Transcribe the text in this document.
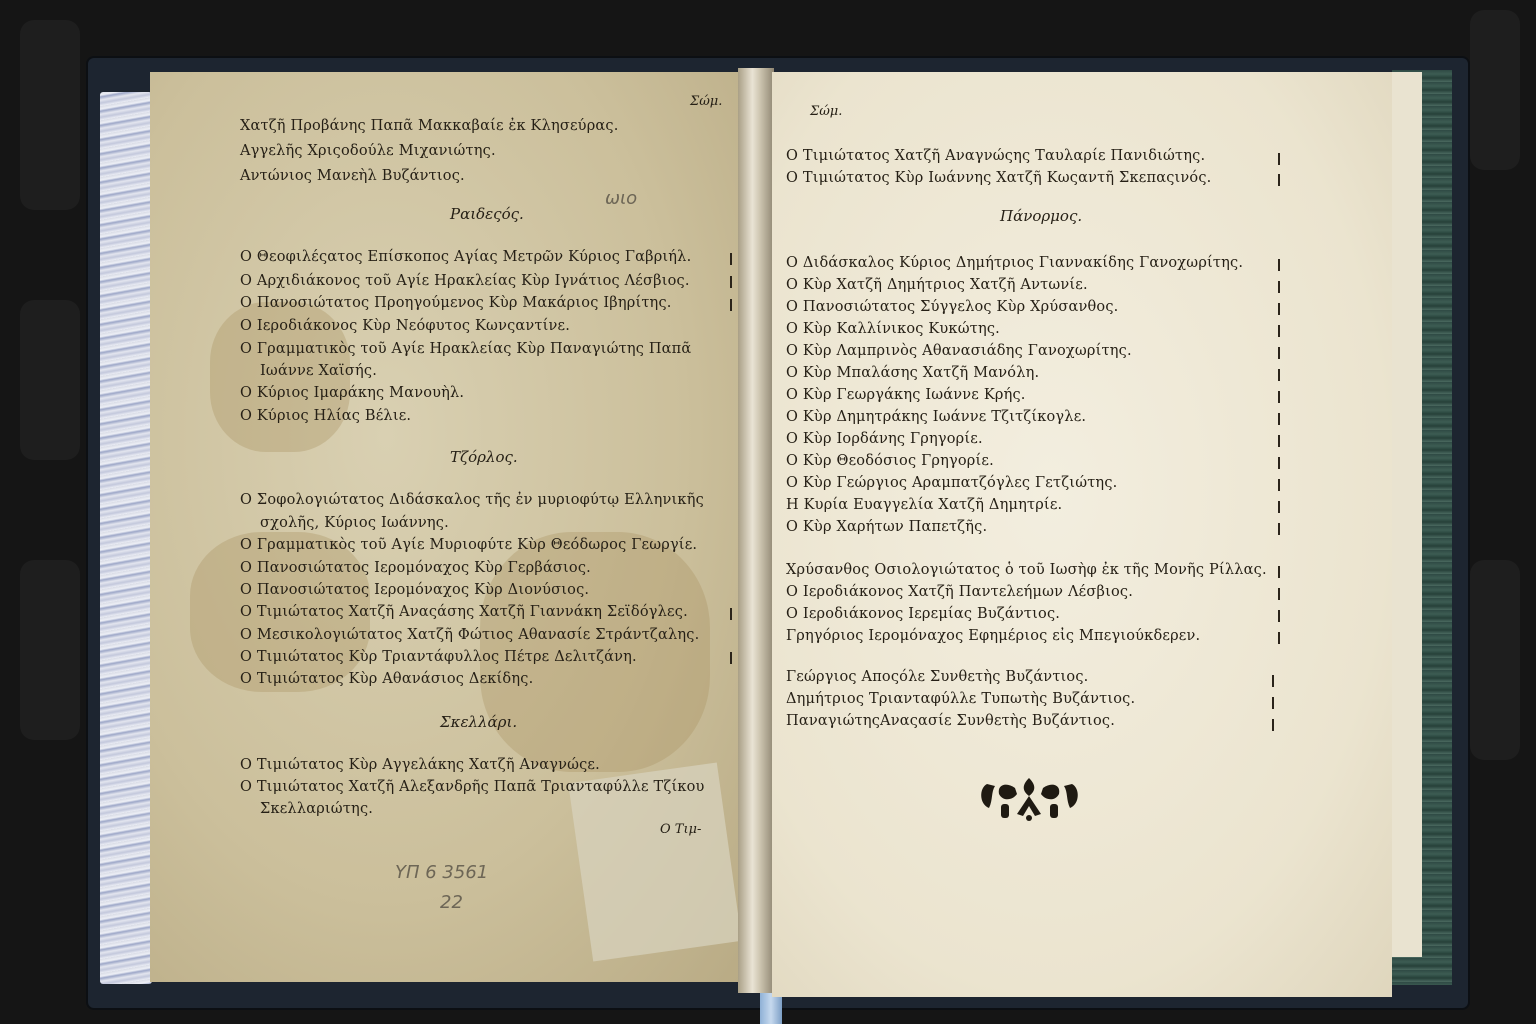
Σώμ.
Χατζῆ Προβάνης Παπᾶ Μακκαβαίε ἐκ Κλησεύρας.
Αγγελῆς Χριςοδούλε Μιχανιώτης.
Αντώνιος Μανεὴλ Βυζάντιος.
Ραιδεςός.
Ο Θεοφιλέςατος Επίσκοπος Αγίας Μετρῶν Κύριος Γαβριήλ.
Ο Αρχιδιάκονος τοῦ Αγίε Ηρακλείας Κὺρ Ιγνάτιος Λέσβιος.
Ο Πανοσιώτατος Προηγούμενος Κὺρ Μακάριος Ιβηρίτης.
Ο Ιεροδιάκονος Κὺρ Νεόφυτος Κωνςαντίνε.
Ο Γραμματικὸς τοῦ Αγίε Ηρακλείας Κὺρ Παναγιώτης Παπᾶ
Ιωάννε Χαϊσής.
Ο Κύριος Ιμαράκης Μανουὴλ.
Ο Κύριος Ηλίας Βέλιε.
Τζόρλος.
Ο Σοφολογιώτατος Διδάσκαλος τῆς ἐν μυριοφύτῳ Ελληνικῆς
σχολῆς, Κύριος Ιωάννης.
Ο Γραμματικὸς τοῦ Αγίε Μυριοφύτε Κὺρ Θεόδωρος Γεωργίε.
Ο Πανοσιώτατος Ιερομόναχος Κὺρ Γερβάσιος.
Ο Πανοσιώτατος Ιερομόναχος Κὺρ Διονύσιος.
Ο Τιμιώτατος Χατζῆ Αναςάσης Χατζῆ Γιαννάκη Σεϊδόγλες.
Ο Μεσικολογιώτατος Χατζῆ Φώτιος Αθανασίε Στράντζαλης.
Ο Τιμιώτατος Κὺρ Τριαντάφυλλος Πέτρε Δελιτζάνη.
Ο Τιμιώτατος Κὺρ Αθανάσιος Δεκίδης.
Σκελλάρι.
Ο Τιμιώτατος Κὺρ Αγγελάκης Χατζῆ Αναγνώςε.
Ο Τιμιώτατος Χατζῆ Αλεξανδρῆς Παπᾶ Τριανταφύλλε Τζίκου
Σκελλαριώτης.
Ο Τιμ-
ωιο
ΥΠ 6 3561
22
Σώμ.
Ο Τιμιώτατος Χατζῆ Αναγνώςης Ταυλαρίε Πανιδιώτης.
Ο Τιμιώτατος Κὺρ Ιωάννης Χατζῆ Κωςαντῆ Σκεπαςινός.
Πάνορμος.
Ο Διδάσκαλος Κύριος Δημήτριος Γιαννακίδης Γανοχωρίτης.
Ο Κὺρ Χατζῆ Δημήτριος Χατζῆ Αντωνίε.
Ο Πανοσιώτατος Σύγγελος Κὺρ Χρύσανθος.
Ο Κὺρ Καλλίνικος Κυκώτης.
Ο Κὺρ Λαμπρινὸς Αθανασιάδης Γανοχωρίτης.
Ο Κὺρ Μπαλάσης Χατζῆ Μανόλη.
Ο Κὺρ Γεωργάκης Ιωάννε Κρής.
Ο Κὺρ Δημητράκης Ιωάννε Τζιτζίκογλε.
Ο Κὺρ Ιορδάνης Γρηγορίε.
Ο Κὺρ Θεοδόσιος Γρηγορίε.
Ο Κὺρ Γεώργιος Αραμπατζόγλες Γετζιώτης.
Η Κυρία Ευαγγελία Χατζῆ Δημητρίε.
Ο Κὺρ Χαρήτων Παπετζῆς.
Χρύσανθος Οσιολογιώτατος ὁ τοῦ Ιωσὴφ ἐκ τῆς Μονῆς Ρίλλας.
Ο Ιεροδιάκονος Χατζῆ Παντελεήμων Λέσβιος.
Ο Ιεροδιάκονος Ιερεμίας Βυζάντιος.
Γρηγόριος Ιερομόναχος Εφημέριος εἰς Μπεγιούκδερεν.
Γεώργιος Αποςόλε Συνθετὴς Βυζάντιος.
Δημήτριος Τριανταφύλλε Τυπωτὴς Βυζάντιος.
ΠαναγιώτηςΑναςασίε Συνθετὴς Βυζάντιος.
